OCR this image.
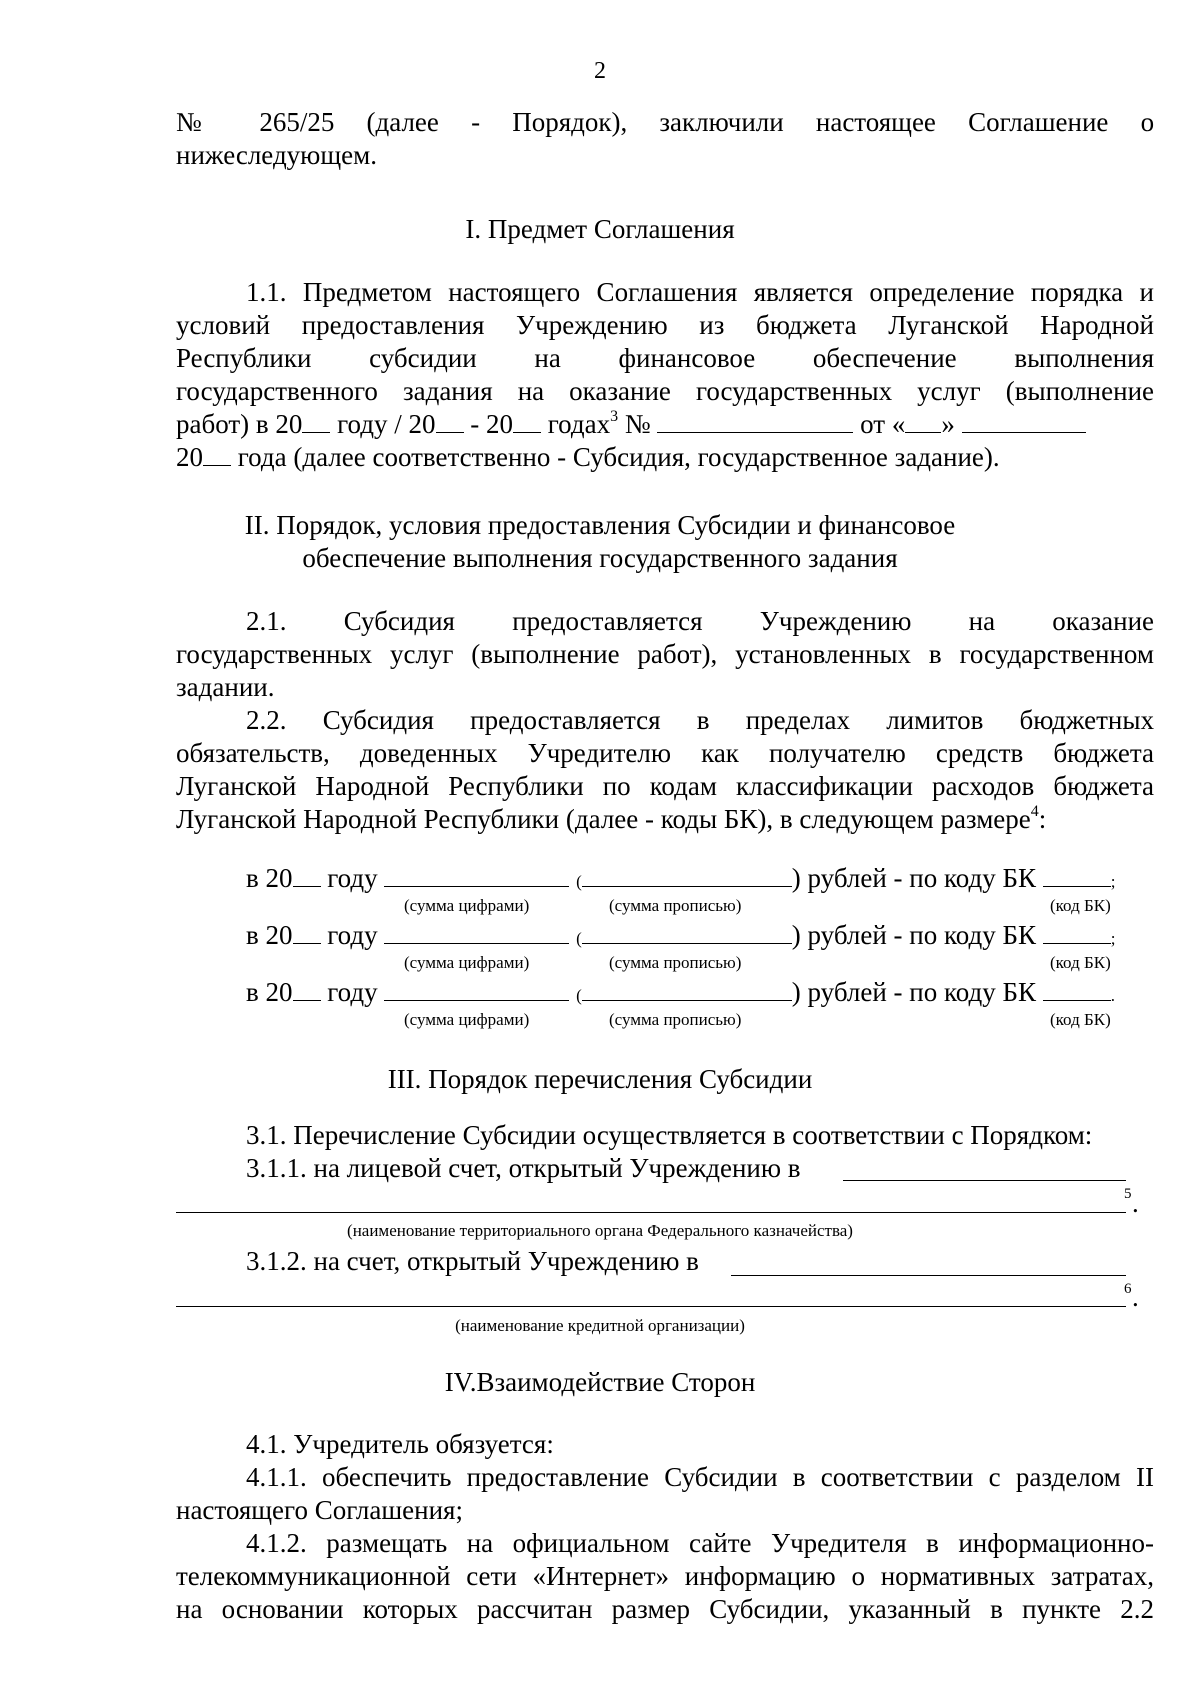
2
№ 265/25 (далее - Порядок), заключили настоящее Соглашение о
нижеследующем.
I. Предмет Соглашения
1.1. Предметом настоящего Соглашения является определение порядка и
условий предоставления Учреждению из бюджета Луганской Народной
Республики субсидии на финансовое обеспечение выполнения
государственного задания на оказание государственных услуг (выполнение
работ) в 20 году / 20 - 20 годах$^3$ №	от « »
20 года (далее соответственно - Субсидия, государственное задание).
II. Порядок, условия предоставления Субсидии и финансовое
обеспечение выполнения государственного задания
2.1. Субсидия предоставляется Учреждению на оказание
государственных услуг (выполнение работ), установленных в государственном
задании.
2.2. Субсидия предоставляется в пределах лимитов бюджетных
обязательств, доведенных Учредителю как получателю средств бюджета
Луганской Народной Республики по кодам классификации расходов бюджета
Луганской Народной Республики (далее - коды БК), в следующем размере$^4$:
в 20 году	(	) рублей - по коду БК	;
(сумма цифрами)	(сумма прописью)	(код БК)
в 20 году	(	) рублей - по коду БК	;
(сумма цифрами)	(сумма прописью)	(код БК)
в 20 году	(	) рублей - по коду БК	.
(сумма цифрами)	(сумма прописью)	(код БК)
III. Порядок перечисления Субсидии
3.1. Перечисление Субсидии осуществляется в соответствии с Порядком:
3.1.1. на лицевой счет, открытый Учреждению в
5 .
(наименование территориального органа Федерального казначейства)
3.1.2. на счет, открытый Учреждению в
6 .
(наименование кредитной организации)
IV.Взаимодействие Сторон
4.1. Учредитель обязуется:
4.1.1. обеспечить предоставление Субсидии в соответствии с разделом II
настоящего Соглашения;
4.1.2. размещать на официальном сайте Учредителя в информационно-
телекоммуникационной сети «Интернет» информацию о нормативных затратах,
на основании которых рассчитан размер Субсидии, указанный в пункте 2.2
